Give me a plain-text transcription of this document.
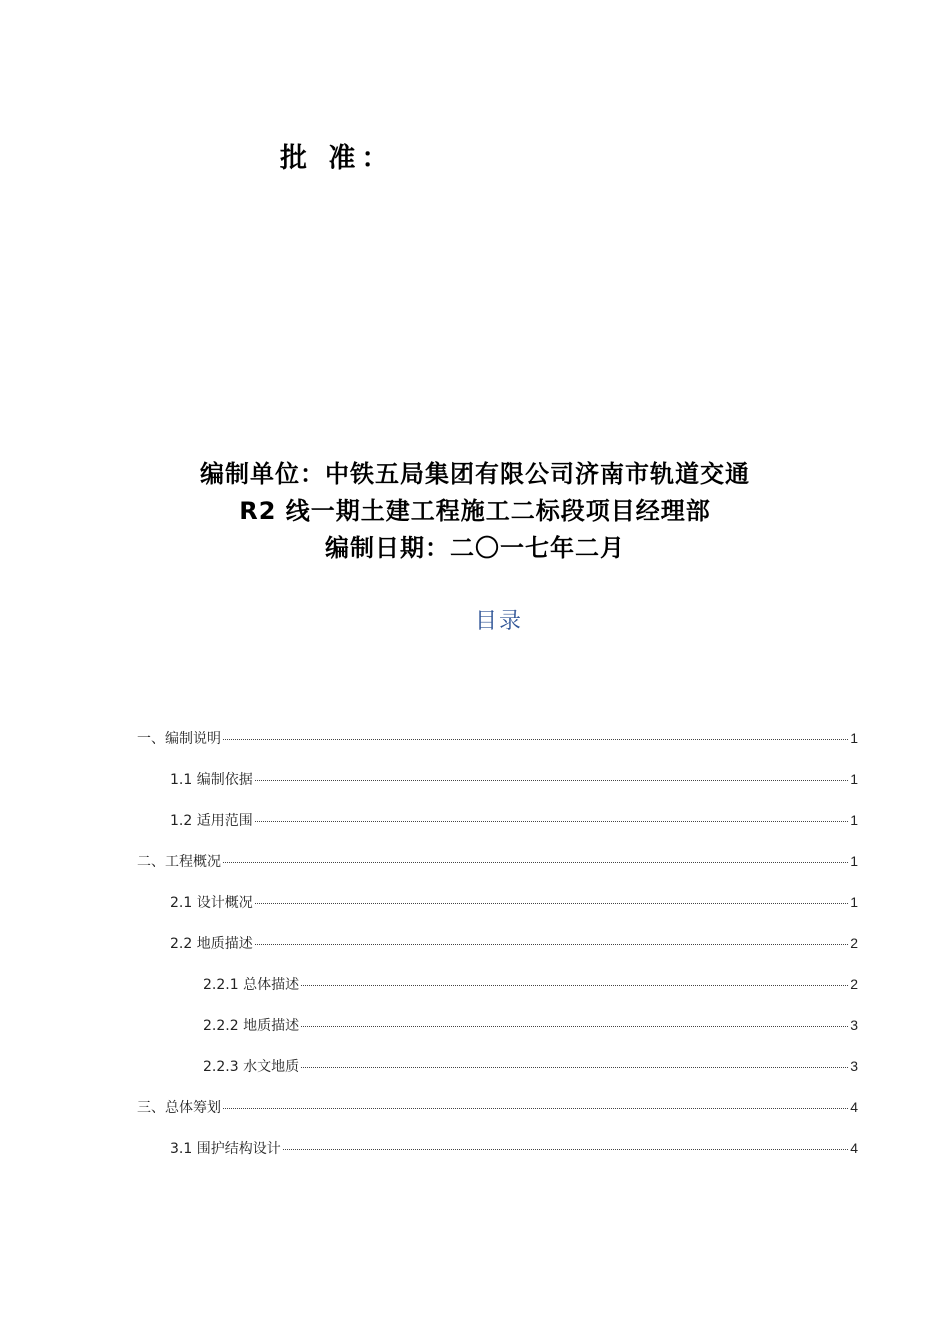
批 准：
编制单位：中铁五局集团有限公司济南市轨道交通
R2 线一期土建工程施工二标段项目经理部
编制日期：二〇一七年二月
目录
一、编制说明	1
1.1 编制依据	1
1.2 适用范围	1
二、工程概况	1
2.1 设计概况	1
2.2 地质描述	2
2.2.1 总体描述	2
2.2.2 地质描述	3
2.2.3 水文地质	3
三、总体筹划	4
3.1 围护结构设计	4
